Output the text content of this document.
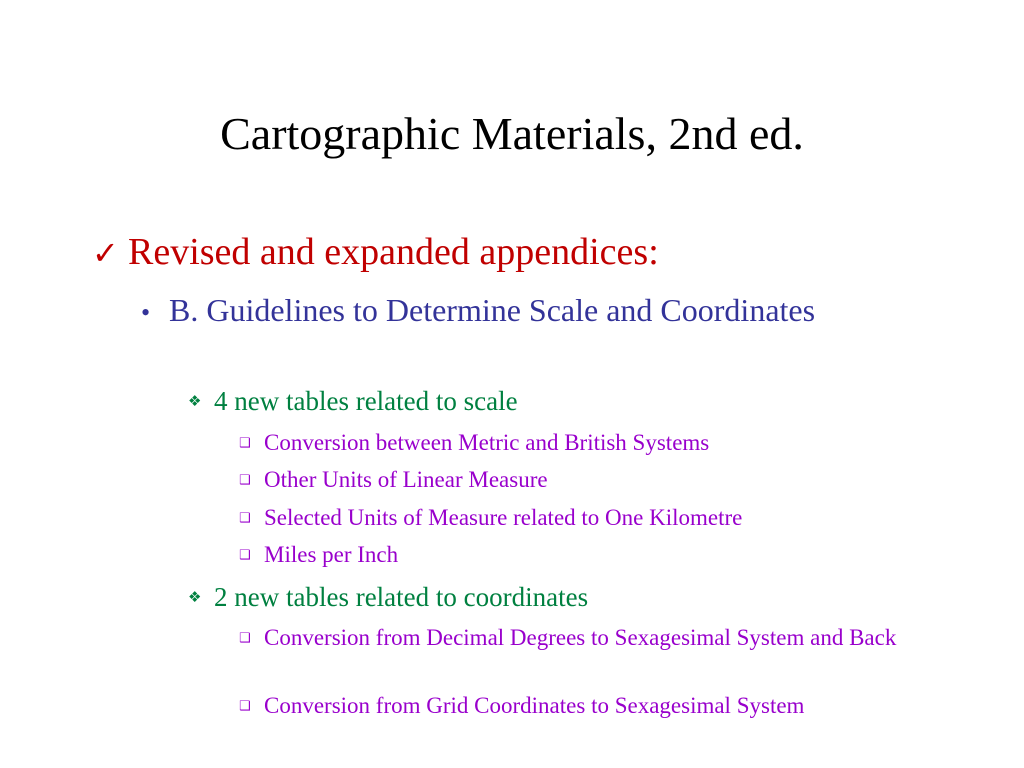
Cartographic Materials, 2nd ed.
✓ Revised and expanded appendices:
• B. Guidelines to Determine Scale and Coordinates
❖ 4 new tables related to scale
❑ Conversion between Metric and British Systems
❑ Other Units of Linear Measure
❑ Selected Units of Measure related to One Kilometre
❑ Miles per Inch
❖ 2 new tables related to coordinates
❑ Conversion from Decimal Degrees to Sexagesimal System and Back
❑ Conversion from Grid Coordinates to Sexagesimal System
